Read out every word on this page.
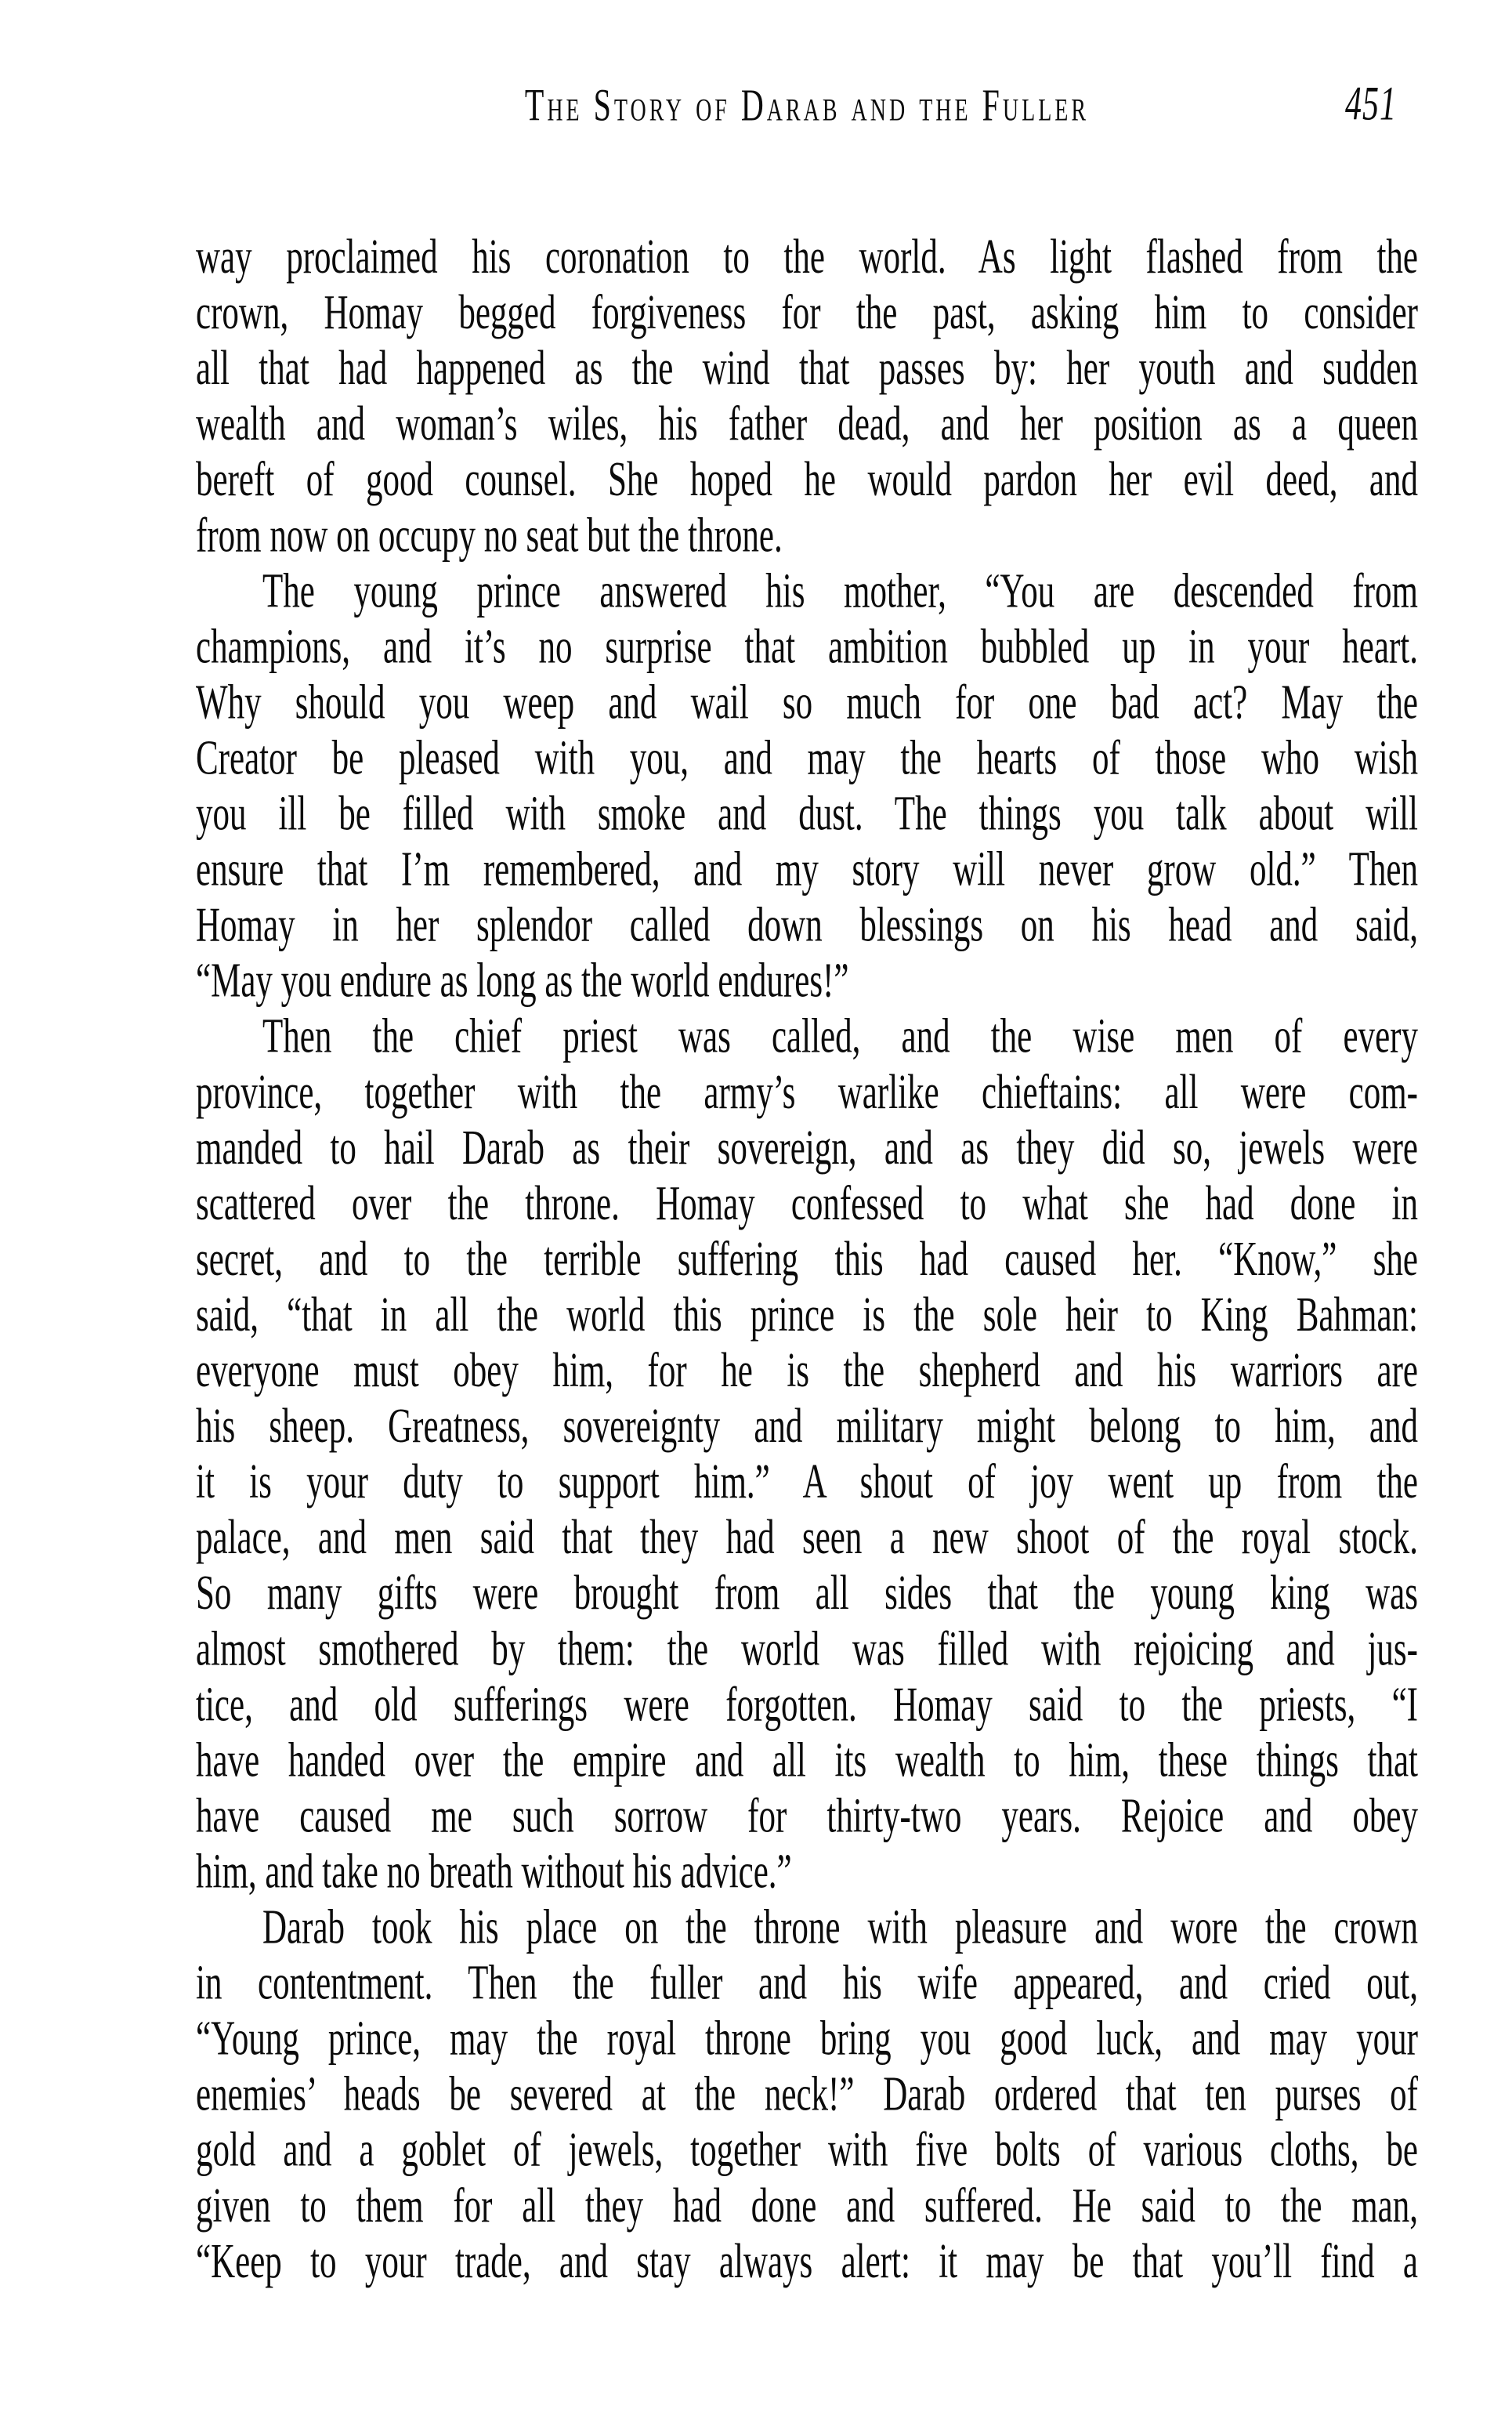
The Story of Darab and the Fuller	451
way proclaimed his coronation to the world. As light flashed from the
crown, Homay begged forgiveness for the past, asking him to consider
all that had happened as the wind that passes by: her youth and sudden
wealth and woman’s wiles, his father dead, and her position as a queen
bereft of good counsel. She hoped he would pardon her evil deed, and
from now on occupy no seat but the throne.
The young prince answered his mother, “You are descended from
champions, and it’s no surprise that ambition bubbled up in your heart.
Why should you weep and wail so much for one bad act? May the
Creator be pleased with you, and may the hearts of those who wish
you ill be filled with smoke and dust. The things you talk about will
ensure that I’m remembered, and my story will never grow old.” Then
Homay in her splendor called down blessings on his head and said,
“May you endure as long as the world endures!”
Then the chief priest was called, and the wise men of every
province, together with the army’s warlike chieftains: all were com-
manded to hail Darab as their sovereign, and as they did so, jewels were
scattered over the throne. Homay confessed to what she had done in
secret, and to the terrible suffering this had caused her. “Know,” she
said, “that in all the world this prince is the sole heir to King Bahman:
everyone must obey him, for he is the shepherd and his warriors are
his sheep. Greatness, sovereignty and military might belong to him, and
it is your duty to support him.” A shout of joy went up from the
palace, and men said that they had seen a new shoot of the royal stock.
So many gifts were brought from all sides that the young king was
almost smothered by them: the world was filled with rejoicing and jus-
tice, and old sufferings were forgotten. Homay said to the priests, “I
have handed over the empire and all its wealth to him, these things that
have caused me such sorrow for thirty-two years. Rejoice and obey
him, and take no breath without his advice.”
Darab took his place on the throne with pleasure and wore the crown
in contentment. Then the fuller and his wife appeared, and cried out,
“Young prince, may the royal throne bring you good luck, and may your
enemies’ heads be severed at the neck!” Darab ordered that ten purses of
gold and a goblet of jewels, together with five bolts of various cloths, be
given to them for all they had done and suffered. He said to the man,
“Keep to your trade, and stay always alert: it may be that you’ll find a
